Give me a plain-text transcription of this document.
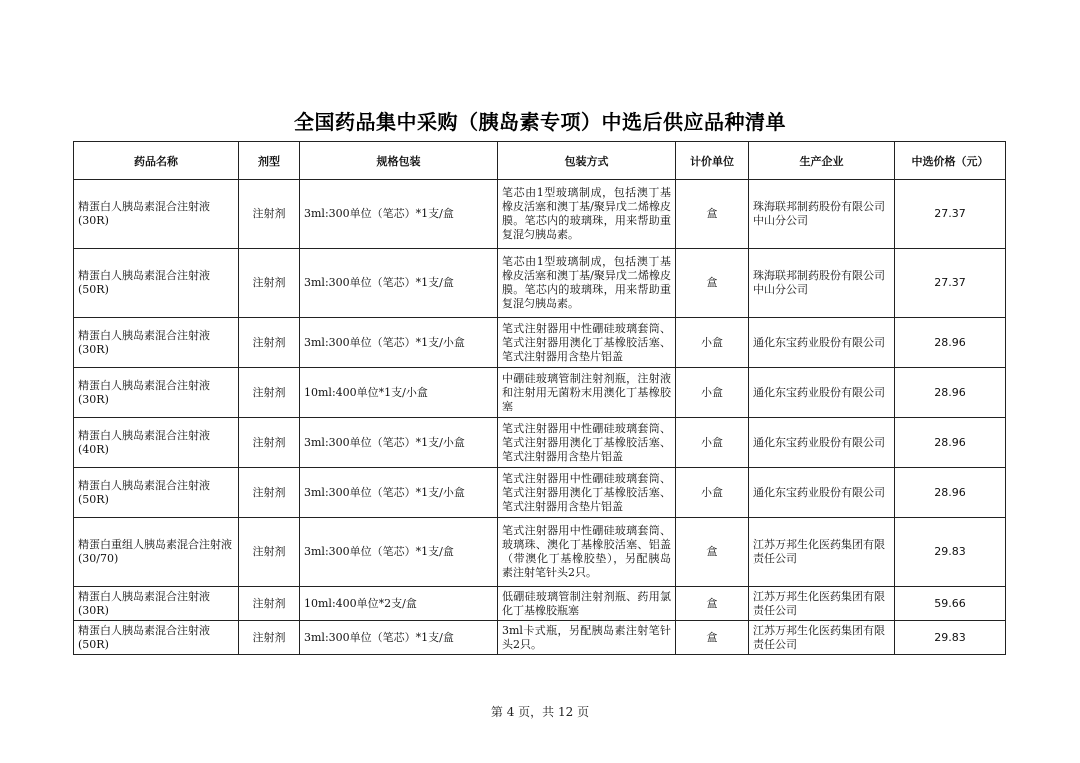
全国药品集中采购（胰岛素专项）中选后供应品种清单
药品名称	剂型	规格包装	包装方式	计价单位	生产企业	中选价格（元）
精蛋白人胰岛素混合注射液(30R)	注射剂	3ml:300单位（笔芯）*1支/盒	笔芯由1型玻璃制成，包括澳丁基橡皮活塞和澳丁基/聚异戊二烯橡皮膜。笔芯内的玻璃珠，用来帮助重复混匀胰岛素。	盒	珠海联邦制药股份有限公司中山分公司	27.37
精蛋白人胰岛素混合注射液(50R)	注射剂	3ml:300单位（笔芯）*1支/盒	笔芯由1型玻璃制成，包括澳丁基橡皮活塞和澳丁基/聚异戊二烯橡皮膜。笔芯内的玻璃珠，用来帮助重复混匀胰岛素。	盒	珠海联邦制药股份有限公司中山分公司	27.37
精蛋白人胰岛素混合注射液(30R)	注射剂	3ml:300单位（笔芯）*1支/小盒	笔式注射器用中性硼硅玻璃套筒、笔式注射器用澳化丁基橡胶活塞、笔式注射器用含垫片铝盖	小盒	通化东宝药业股份有限公司	28.96
精蛋白人胰岛素混合注射液(30R)	注射剂	10ml:400单位*1支/小盒	中硼硅玻璃管制注射剂瓶，注射液和注射用无菌粉末用澳化丁基橡胶塞	小盒	通化东宝药业股份有限公司	28.96
精蛋白人胰岛素混合注射液(40R)	注射剂	3ml:300单位（笔芯）*1支/小盒	笔式注射器用中性硼硅玻璃套筒、笔式注射器用澳化丁基橡胶活塞、笔式注射器用含垫片铝盖	小盒	通化东宝药业股份有限公司	28.96
精蛋白人胰岛素混合注射液(50R)	注射剂	3ml:300单位（笔芯）*1支/小盒	笔式注射器用中性硼硅玻璃套筒、笔式注射器用澳化丁基橡胶活塞、笔式注射器用含垫片铝盖	小盒	通化东宝药业股份有限公司	28.96
精蛋白重组人胰岛素混合注射液(30/70)	注射剂	3ml:300单位（笔芯）*1支/盒	笔式注射器用中性硼硅玻璃套筒、玻璃珠、澳化丁基橡胶活塞、铝盖（带澳化丁基橡胶垫），另配胰岛素注射笔针头2只。	盒	江苏万邦生化医药集团有限责任公司	29.83
精蛋白人胰岛素混合注射液(30R)	注射剂	10ml:400单位*2支/盒	低硼硅玻璃管制注射剂瓶、药用氯化丁基橡胶瓶塞	盒	江苏万邦生化医药集团有限责任公司	59.66
精蛋白人胰岛素混合注射液(50R)	注射剂	3ml:300单位（笔芯）*1支/盒	3ml卡式瓶，另配胰岛素注射笔针头2只。	盒	江苏万邦生化医药集团有限责任公司	29.83
第 4 页，共 12 页
